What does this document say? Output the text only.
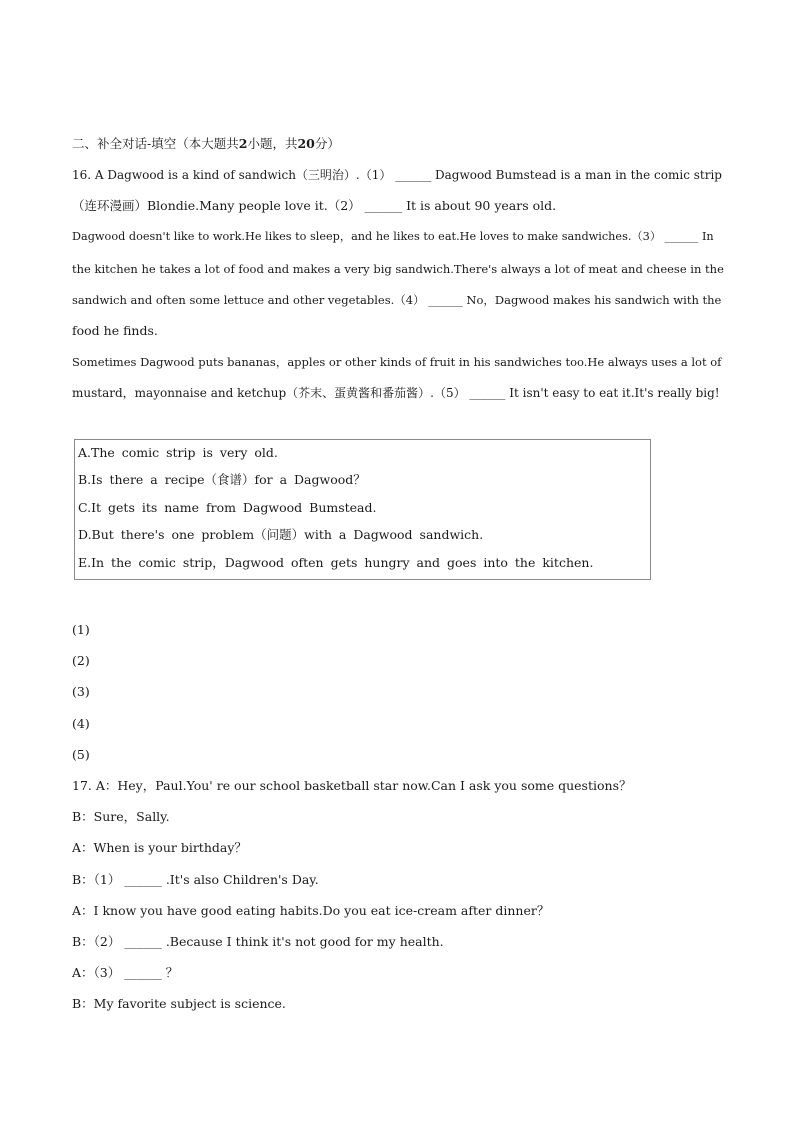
二、补全对话-填空（本大题共2小题，共20分）
16. A Dagwood is a kind of sandwich（三明治）.（1） ______ Dagwood Bumstead is a man in the comic strip
（连环漫画）Blondie.Many people love it.（2） ______ It is about 90 years old.
Dagwood doesn't like to work.He likes to sleep，and he likes to eat.He loves to make sandwiches.（3） ______ In
the kitchen he takes a lot of food and makes a very big sandwich.There's always a lot of meat and cheese in the
sandwich and often some lettuce and other vegetables.（4） ______ No，Dagwood makes his sandwich with the
food he finds.
Sometimes Dagwood puts bananas，apples or other kinds of fruit in his sandwiches too.He always uses a lot of
mustard，mayonnaise and ketchup（芥末、蛋黄酱和番茄酱）.（5） ______ It isn't easy to eat it.It's really big!
A.The comic strip is very old.
B.Is there a recipe（食谱）for a Dagwood？
C.It gets its name from Dagwood Bumstead.
D.But there's one problem（问题）with a Dagwood sandwich.
E.In the comic strip，Dagwood often gets hungry and goes into the kitchen.
(1)
(2)
(3)
(4)
(5)
17. A：Hey，Paul.You' re our school basketball star now.Can I ask you some questions？
B：Sure，Sally.
A：When is your birthday？
B：（1） ______ .It's also Children's Day.
A：I know you have good eating habits.Do you eat ice-cream after dinner？
B：（2） ______ .Because I think it's not good for my health.
A：（3） ______ ？
B：My favorite subject is science.
